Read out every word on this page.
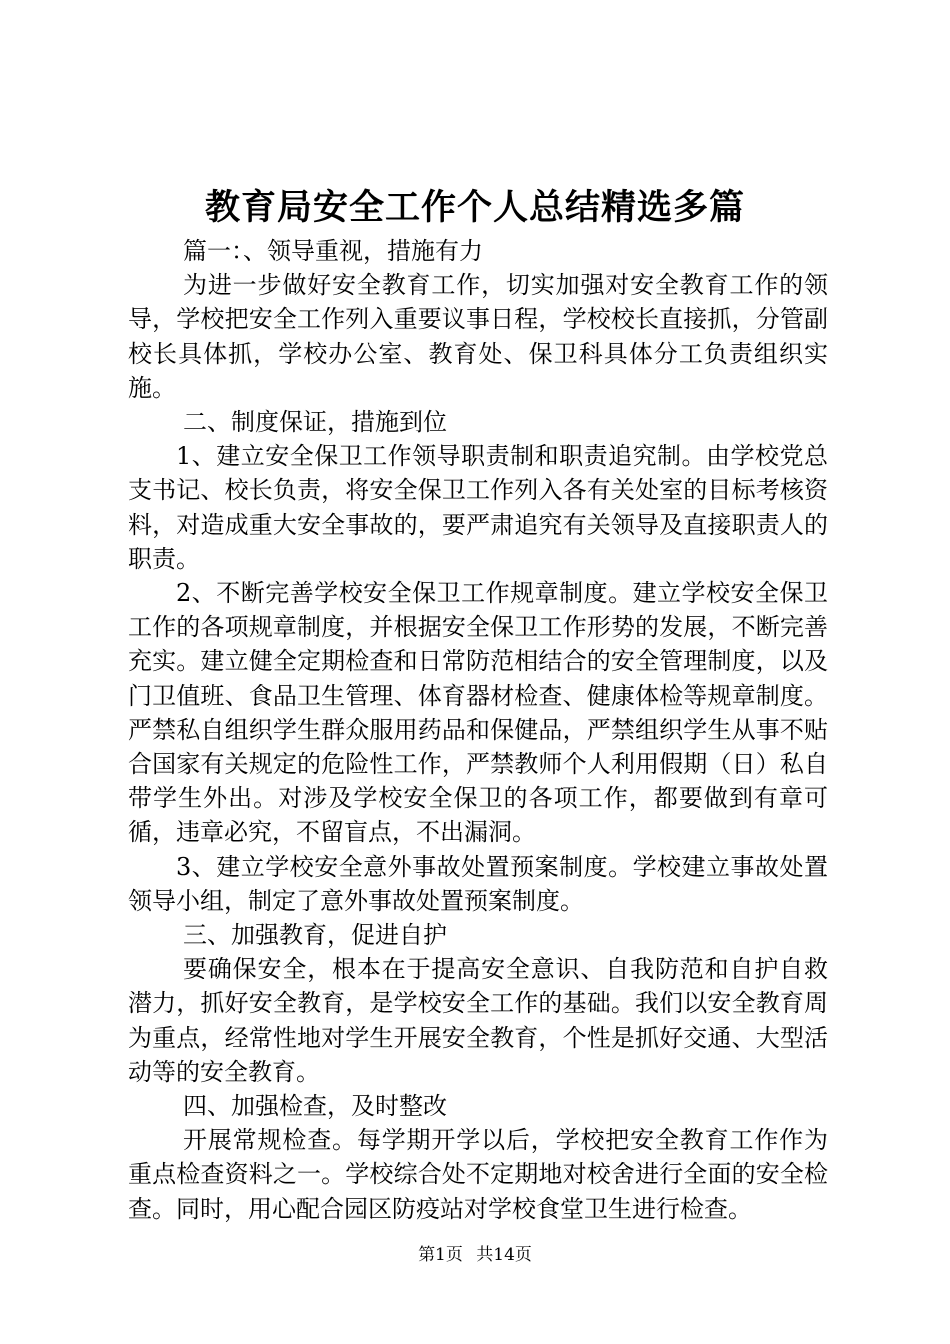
教育局安全工作个人总结精选多篇

篇一：、领导重视，措施有力

为进一步做好安全教育工作，切实加强对安全教育工作的领导，学校把安全工作列入重要议事日程，学校校长直接抓，分管副校长具体抓，学校办公室、教育处、保卫科具体分工负责组织实施。

二、制度保证，措施到位

1、建立安全保卫工作领导职责制和职责追究制。由学校党总支书记、校长负责，将安全保卫工作列入各有关处室的目标考核资料，对造成重大安全事故的，要严肃追究有关领导及直接职责人的职责。

2、不断完善学校安全保卫工作规章制度。建立学校安全保卫工作的各项规章制度，并根据安全保卫工作形势的发展，不断完善充实。建立健全定期检查和日常防范相结合的安全管理制度，以及门卫值班、食品卫生管理、体育器材检查、健康体检等规章制度。严禁私自组织学生群众服用药品和保健品，严禁组织学生从事不贴合国家有关规定的危险性工作，严禁教师个人利用假期（日）私自带学生外出。对涉及学校安全保卫的各项工作，都要做到有章可循，违章必究，不留盲点，不出漏洞。

3、建立学校安全意外事故处置预案制度。学校建立事故处置领导小组，制定了意外事故处置预案制度。

三、加强教育，促进自护

要确保安全，根本在于提高安全意识、自我防范和自护自救潜力，抓好安全教育，是学校安全工作的基础。我们以安全教育周为重点，经常性地对学生开展安全教育，个性是抓好交通、大型活动等的安全教育。

四、加强检查，及时整改

开展常规检查。每学期开学以后，学校把安全教育工作作为重点检查资料之一。学校综合处不定期地对校舍进行全面的安全检查。同时，用心配合园区防疫站对学校食堂卫生进行检查。

第1页 共14页
